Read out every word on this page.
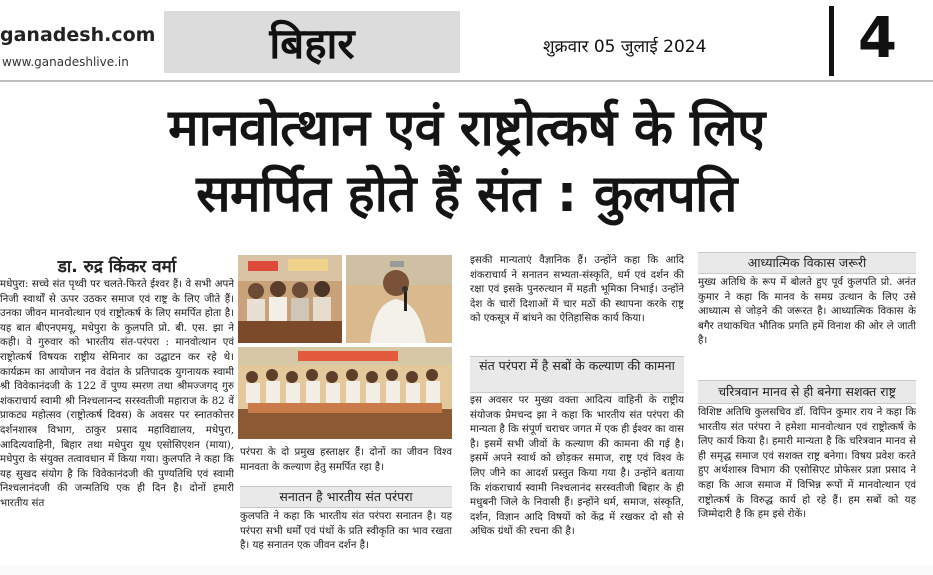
ganadesh.com
www.ganadeshlive.in	बिहार	शुक्रवार 05 जुलाई 2024	4
मानवोत्थान एवं राष्ट्रोत्कर्ष के लिए
समर्पित होते हैं संत : कुलपति
डा. रुद्र किंकर वर्मा

मधेपुरा: सच्चे संत पृथ्वी पर चलते-फिरते ईश्वर हैं। वे सभी अपने निजी स्वार्थों से ऊपर उठकर समाज एवं राष्ट्र के लिए जीते हैं। उनका जीवन मानवोत्थान एवं राष्ट्रोत्कर्ष के लिए समर्पित होता है। यह बात बीएनएमयू, मधेपुरा के कुलपति प्रो. बी. एस. झा ने कही। वे गुरुवार को भारतीय संत-परंपरा : मानवोत्थान एवं राष्ट्रोत्कर्ष विषयक राष्ट्रीय सेमिनार का उद्घाटन कर रहे थे। कार्यक्रम का आयोजन नव वेदांत के प्रतिपादक युगनायक स्वामी श्री विवेकानंदजी के 122 वें पुण्य स्मरण तथा श्रीमज्जगद् गुरु शंकराचार्य स्वामी श्री निश्चलानन्द सरस्वतीजी महाराज के 82 वें प्राकट्य महोत्सव (राष्ट्रोत्कर्ष दिवस) के अवसर पर स्नातकोत्तर दर्शनशास्त्र विभाग, ठाकुर प्रसाद महाविद्यालय, मधेपुरा, आदित्यवाहिनी, बिहार तथा मधेपुरा यूथ एसोसिएशन (माया), मधेपुरा के संयुक्त तत्वावधान में किया गया। कुलपति ने कहा कि यह सुखद संयोग है कि विवेकानंदजी की पुण्यतिथि एवं स्वामी निश्चलानंदजी की जन्मतिथि एक ही दिन है। दोनों हमारी भारतीय संत

परंपरा के दो प्रमुख हस्ताक्षर हैं। दोनों का जीवन विश्व मानवता के कल्याण हेतु समर्पित रहा है।

सनातन है भारतीय संत परंपरा

कुलपति ने कहा कि भारतीय संत परंपरा सनातन है। यह परंपरा सभी धर्मों एवं पंथों के प्रति स्वीकृति का भाव रखता है। यह सनातन एक जीवन दर्शन है।

इसकी मान्यताएं वैज्ञानिक हैं। उन्होंने कहा कि आदि शंकराचार्य ने सनातन सभ्यता-संस्कृति, धर्म एवं दर्शन की रक्षा एवं इसके पुनरुत्थान में महती भूमिका निभाई। उन्होंने देश के चारों दिशाओं में चार मठों की स्थापना करके राष्ट्र को एकसूत्र में बांधने का ऐतिहासिक कार्य किया।

संत परंपरा में है सबों के कल्याण की कामना

इस अवसर पर मुख्य वक्ता आदित्य वाहिनी के राष्ट्रीय संयोजक प्रेमचन्द झा ने कहा कि भारतीय संत परंपरा की मान्यता है कि संपूर्ण चराचर जगत में एक ही ईश्वर का वास है। इसमें सभी जीवों के कल्याण की कामना की गई है। इसमें अपने स्वार्थ को छोड़कर समाज, राष्ट्र एवं विश्व के लिए जीने का आदर्श प्रस्तुत किया गया है। उन्होंने बताया कि शंकराचार्य स्वामी निश्चलानंद सरस्वतीजी बिहार के ही मधुबनी जिले के निवासी हैं। इन्होंने धर्म, समाज, संस्कृति, दर्शन, विज्ञान आदि विषयों को केंद्र में रखकर दो सौ से अधिक ग्रंथों की रचना की है।

आध्यात्मिक विकास जरूरी

मुख्य अतिथि के रूप में बोलते हुए पूर्व कुलपति प्रो. अनंत कुमार ने कहा कि मानव के समग्र उत्थान के लिए उसे आध्यात्म से जोड़ने की जरूरत है। आध्यात्मिक विकास के बगैर तथाकथित भौतिक प्रगति हमें विनाश की ओर ले जाती है।

चरित्रवान मानव से ही बनेगा सशक्त राष्ट्र

विशिष्ट अतिथि कुलसचिव डॉ. विपिन कुमार राय ने कहा कि भारतीय संत परंपरा ने हमेशा मानवोत्थान एवं राष्ट्रोत्कर्ष के लिए कार्य किया है। हमारी मान्यता है कि चरित्रवान मानव से ही समृद्ध समाज एवं सशक्त राष्ट्र बनेगा। विषय प्रवेश करते हुए अर्थशास्त्र विभाग की एसोसिएट प्रोफेसर प्रज्ञा प्रसाद ने कहा कि आज समाज में विभिन्न रूपों में मानवोत्थान एवं राष्ट्रोत्कर्ष के विरुद्ध कार्य हो रहे हैं। हम सबों को यह जिम्मेदारी है कि हम इसे रोकें।
